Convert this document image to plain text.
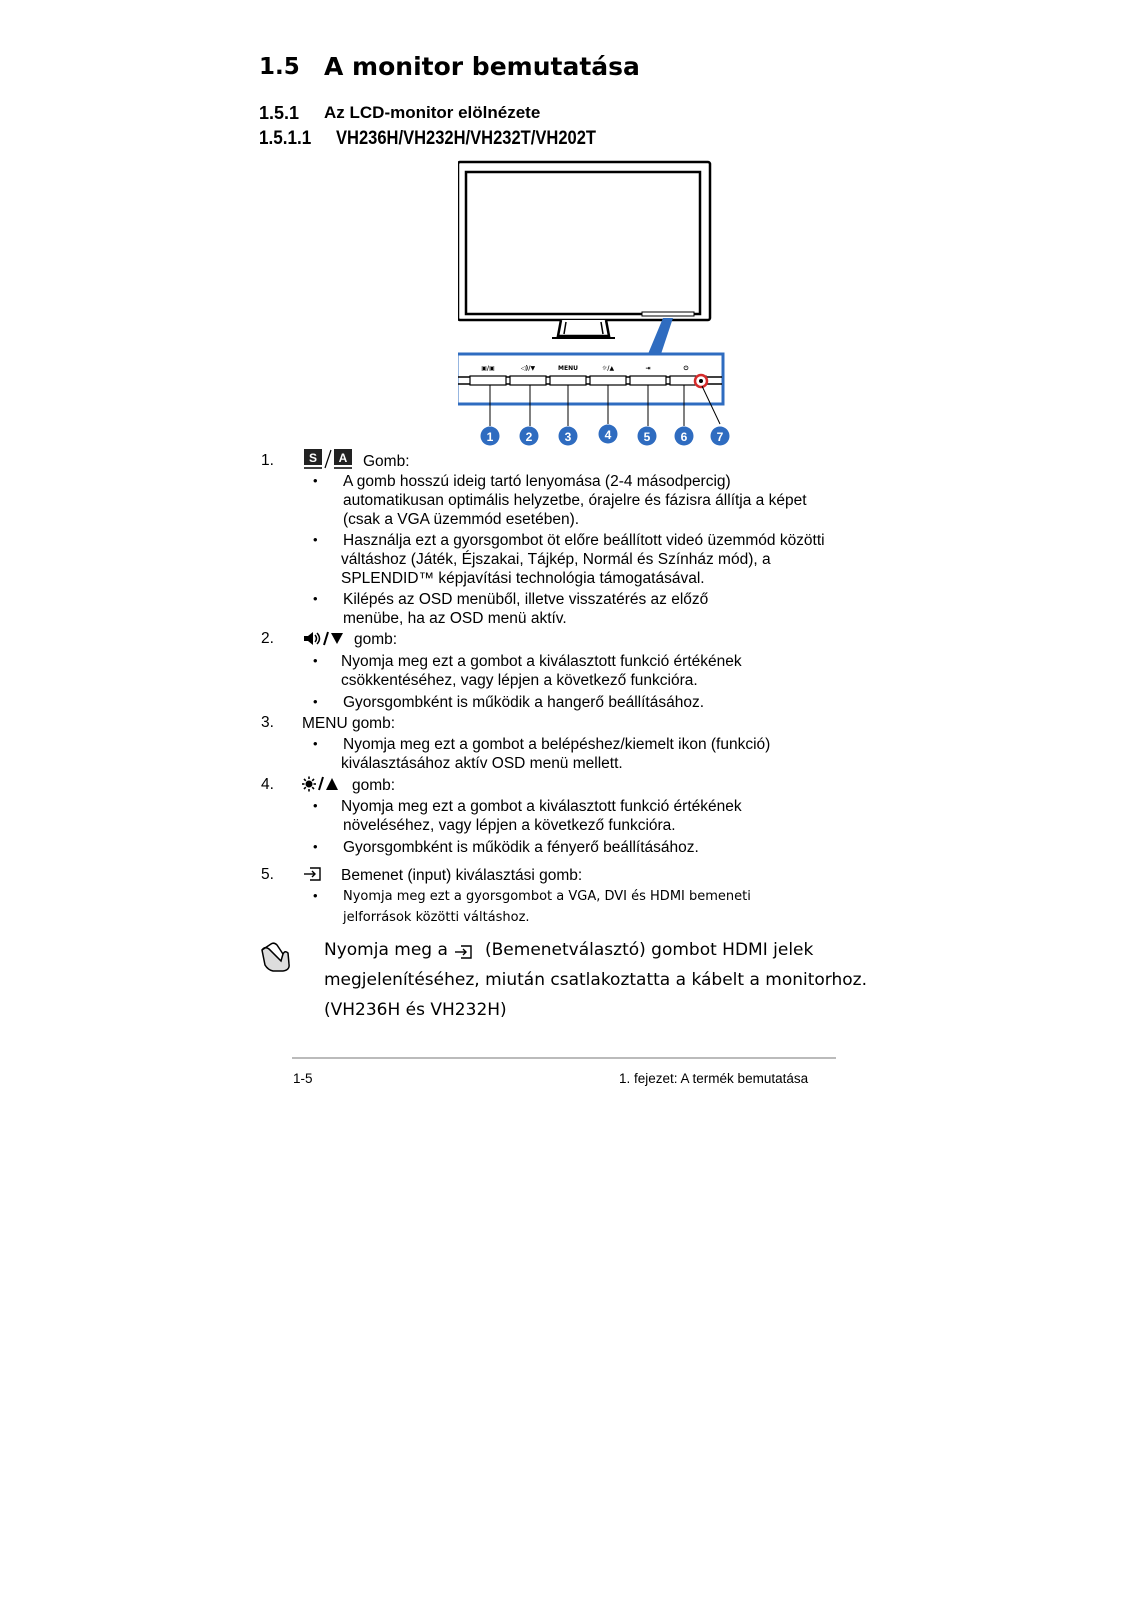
1.5 A monitor bemutatása
1.5.1 Az LCD-monitor elölnézete
1.5.1.1 VH236H/VH232H/VH232T/VH202T
▣/▣	◁)/▼	MENU	☼/▲	⇥	⏻
1	2	3	4	5	6 7
1.	S A Gomb:
• A gomb hosszú ideig tartó lenyomása (2-4 másodpercig)
automatikusan optimális helyzetbe, órajelre és fázisra állítja a képet
(csak a VGA üzemmód esetében).
• Használja ezt a gyorsgombot öt előre beállított videó üzemmód közötti
váltáshoz (Játék, Éjszakai, Tájkép, Normál és Színház mód), a
SPLENDID™ képjavítási technológia támogatásával.
• Kilépés az OSD menüből, illetve visszatérés az előző
menübe, ha az OSD menü aktív.
2.	gomb:
• Nyomja meg ezt a gombot a kiválasztott funkció értékének
csökkentéséhez, vagy lépjen a következő funkcióra.
• Gyorsgombként is működik a hangerő beállításához.
3. MENU gomb:
• Nyomja meg ezt a gombot a belépéshez/kiemelt ikon (funkció)
kiválasztásához aktív OSD menü mellett.
4.	gomb:
• Nyomja meg ezt a gombot a kiválasztott funkció értékének
növeléséhez, vagy lépjen a következő funkcióra.
• Gyorsgombként is működik a fényerő beállításához.
5.	Bemenet (input) kiválasztási gomb:
• Nyomja meg ezt a gyorsgombot a VGA, DVI és HDMI bemeneti
jelforrások közötti váltáshoz.
Nyomja meg a (Bemenetválasztó) gombot HDMI jelek
megjelenítéséhez, miután csatlakoztatta a kábelt a monitorhoz.
(VH236H és VH232H)
1-5	1. fejezet: A termék bemutatása
